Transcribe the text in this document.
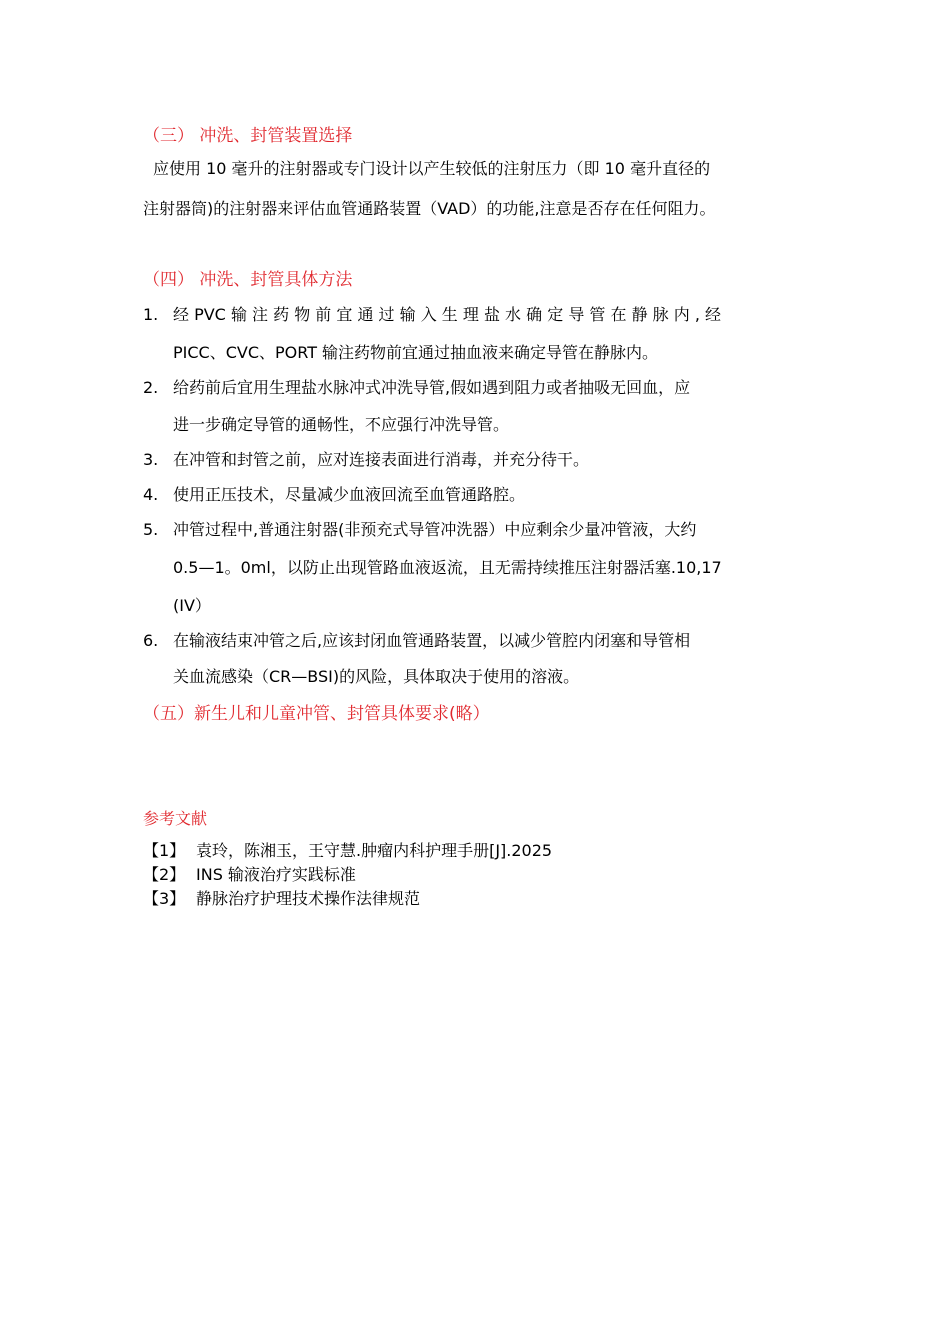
（三） 冲洗、封管装置选择
应使用 10 毫升的注射器或专门设计以产生较低的注射压力（即 10 毫升直径的
注射器筒)的注射器来评估血管通路装置（VAD）的功能,注意是否存在任何阻力。
（四） 冲洗、封管具体方法
1. 经 PVC 输 注 药 物 前 宜 通 过 输 入 生 理 盐 水 确 定 导 管 在 静 脉 内 , 经
PICC、CVC、PORT 输注药物前宜通过抽血液来确定导管在静脉内。
2. 给药前后宜用生理盐水脉冲式冲洗导管,假如遇到阻力或者抽吸无回血，应
进一步确定导管的通畅性，不应强行冲洗导管。
3. 在冲管和封管之前，应对连接表面进行消毒，并充分待干。
4. 使用正压技术，尽量减少血液回流至血管通路腔。
5. 冲管过程中,普通注射器(非预充式导管冲洗器）中应剩余少量冲管液，大约
0.5—1。0ml，以防止出现管路血液返流，且无需持续推压注射器活塞.10,17
(IV）
6. 在输液结束冲管之后,应该封闭血管通路装置，以减少管腔内闭塞和导管相
关血流感染（CR—BSI)的风险，具体取决于使用的溶液。
（五）新生儿和儿童冲管、封管具体要求(略）
参考文献
【1】 袁玲，陈湘玉，王守慧.肿瘤内科护理手册[J].2025
【2】 INS 输液治疗实践标准
【3】 静脉治疗护理技术操作法律规范
